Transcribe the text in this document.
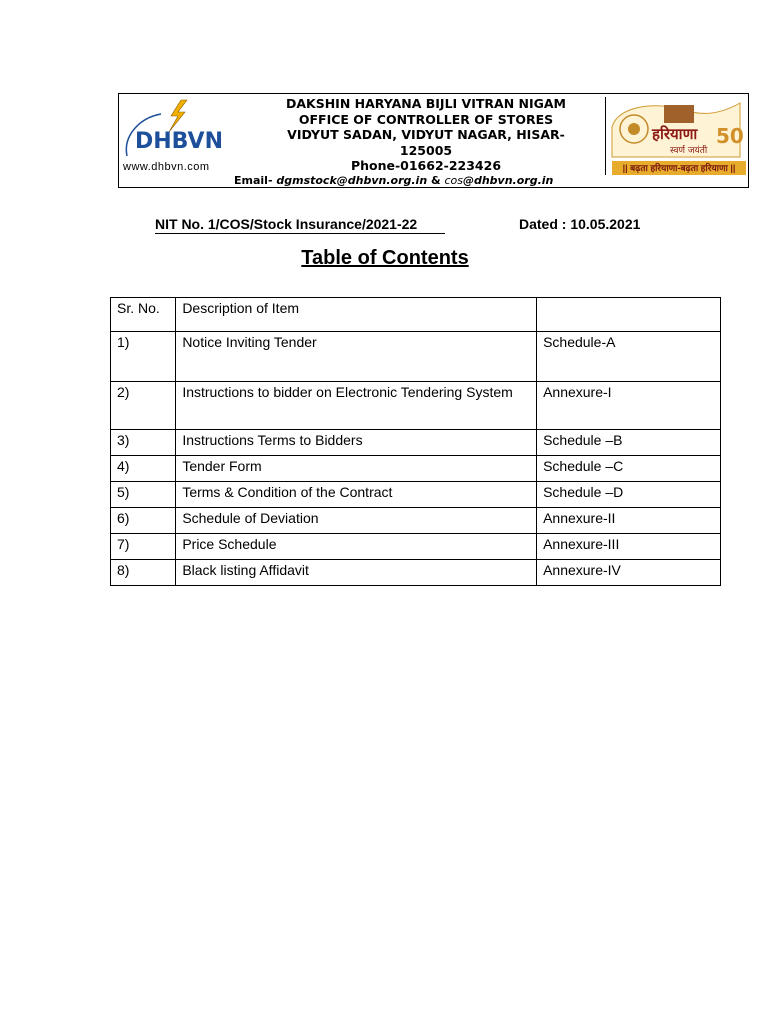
DHBVN
www.dhbvn.com
DAKSHIN HARYANA BIJLI VITRAN NIGAM
OFFICE OF CONTROLLER OF STORES
VIDYUT SADAN, VIDYUT NAGAR, HISAR-
125005
Phone-01662-223426
Email- dgmstock@dhbvn.org.in & cos@dhbvn.org.in
हरियाणा
स्वर्ण जयंती
50
|| बढ़ता हरियाणा-बढ़ता हरियाणा ||
NIT No. 1/COS/Stock Insurance/2021-22	Dated : 10.05.2021
Table of Contents
Sr. No.	Description of Item	
1)	Notice Inviting Tender	Schedule-A
2)	Instructions to bidder on Electronic Tendering System	Annexure-I
3)	Instructions Terms to Bidders	Schedule –B
4)	Tender Form	Schedule –C
5)	Terms & Condition of the Contract	Schedule –D
6)	Schedule of Deviation	Annexure-II
7)	Price Schedule	Annexure-III
8)	Black listing Affidavit	Annexure-IV
